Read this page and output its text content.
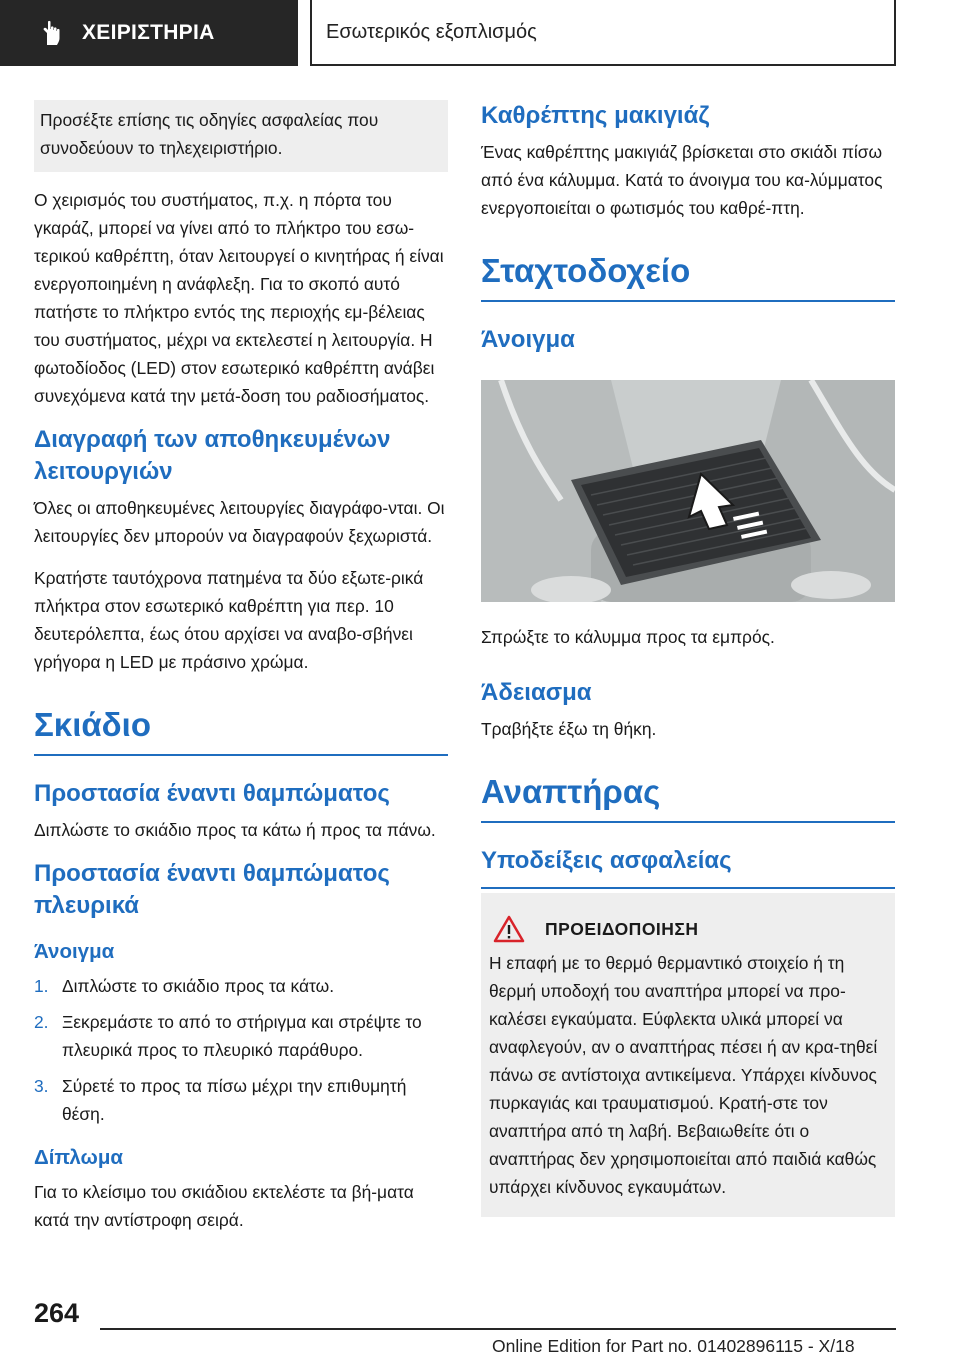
ΧΕΙΡΙΣΤΗΡΙΑ	Εσωτερικός εξοπλισμός

Προσέξτε επίσης τις οδηγίες ασφαλείας που συνοδεύουν το τηλεχειριστήριο.

Ο χειρισμός του συστήματος, π.χ. η πόρτα του γκαράζ, μπορεί να γίνει από το πλήκτρο του εσω-τερικού καθρέπτη, όταν λειτουργεί ο κινητήρας ή είναι ενεργοποιημένη η ανάφλεξη. Για το σκοπό αυτό πατήστε το πλήκτρο εντός της περιοχής εμ-βέλειας του συστήματος, μέχρι να εκτελεστεί η λειτουργία. Η φωτοδίοδος (LED) στον εσωτερικό καθρέπτη ανάβει συνεχόμενα κατά την μετά-δοση του ραδιοσήματος.

Διαγραφή των αποθηκευμένων λειτουργιών

Όλες οι αποθηκευμένες λειτουργίες διαγράφο-νται. Οι λειτουργίες δεν μπορούν να διαγραφούν ξεχωριστά.

Κρατήστε ταυτόχρονα πατημένα τα δύο εξωτε-ρικά πλήκτρα στον εσωτερικό καθρέπτη για περ. 10 δευτερόλεπτα, έως ότου αρχίσει να αναβο-σβήνει γρήγορα η LED με πράσινο χρώμα.

Σκιάδιο
Προστασία έναντι θαμπώματος

Διπλώστε το σκιάδιο προς τα κάτω ή προς τα πάνω.

Προστασία έναντι θαμπώματος πλευρικά
Άνοιγμα
1. Διπλώστε το σκιάδιο προς τα κάτω.
2. Ξεκρεμάστε το από το στήριγμα και στρέψτε το πλευρικά προς το πλευρικό παράθυρο.
3. Σύρετέ το προς τα πίσω μέχρι την επιθυμητή θέση.
Δίπλωμα

Για το κλείσιμο του σκιάδιου εκτελέστε τα βή-ματα κατά την αντίστροφη σειρά.

Καθρέπτης μακιγιάζ

Ένας καθρέπτης μακιγιάζ βρίσκεται στο σκιάδι πίσω από ένα κάλυμμα. Κατά το άνοιγμα του κα-λύμματος ενεργοποιείται ο φωτισμός του καθρέ-πτη.

Σταχτοδοχείο
Άνοιγμα

Σπρώξτε το κάλυμμα προς τα εμπρός.

Άδειασμα

Τραβήξτε έξω τη θήκη.

Αναπτήρας
Υποδείξεις ασφαλείας
ΠΡΟΕΙΔΟΠΟΙΗΣΗ

Η επαφή με το θερμό θερμαντικό στοιχείο ή τη θερμή υποδοχή του αναπτήρα μπορεί να προ-καλέσει εγκαύματα. Εύφλεκτα υλικά μπορεί να αναφλεγούν, αν ο αναπτήρας πέσει ή αν κρα-τηθεί πάνω σε αντίστοιχα αντικείμενα. Υπάρχει κίνδυνος πυρκαγιάς και τραυματισμού. Κρατή-στε τον αναπτήρα από τη λαβή. Βεβαιωθείτε ότι ο αναπτήρας δεν χρησιμοποιείται από παιδιά καθώς υπάρχει κίνδυνος εγκαυμάτων.

264
Online Edition for Part no. 01402896115 - X/18
